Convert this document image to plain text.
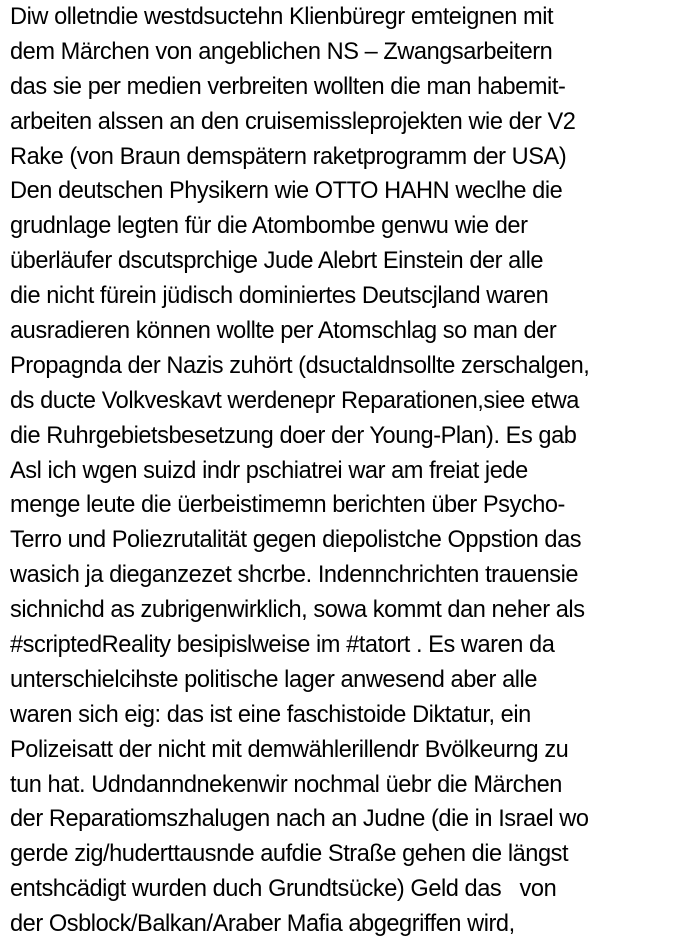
Diw olletndie westdsuctehn Klienbüregr emteignen mit
dem Märchen von angeblichen NS – Zwangsarbeitern
das sie per medien verbreiten wollten die man habemit-
arbeiten alssen an den cruisemissleprojekten wie der V2
Rake (von Braun demspätern raketprogramm der USA)
Den deutschen Physikern wie OTTO HAHN weclhe die
grudnlage legten für die Atombombe genwu wie der
überläufer dscutsprchige Jude Alebrt Einstein der alle
die nicht fürein jüdisch dominiertes Deutscjland waren
ausradieren können wollte per Atomschlag so man der
Propagnda der Nazis zuhört (dsuctaldnsollte zerschalgen,
ds ducte Volkveskavt werdenepr Reparationen,siee etwa
die Ruhrgebietsbesetzung doer der Young-Plan). Es gab
Asl ich wgen suizd indr pschiatrei war am freiat jede
menge leute die üerbeistimemn berichten über Psycho-
Terro und Poliezrutalität gegen diepolistche Oppstion das
wasich ja dieganzezet shcrbe. Indennchrichten trauensie
sichnichd as zubrigenwirklich, sowa kommt dan neher als
#scriptedReality besipislweise im #tatort . Es waren da
unterschielcihste politische lager anwesend aber alle
waren sich eig: das ist eine faschistoide Diktatur, ein
Polizeisatt der nicht mit demwählerillendr Bvölkeurng zu
tun hat. Udndanndnekenwir nochmal üebr die Märchen
der Reparatiomszhalugen nach an Judne (die in Israel wo
gerde zig/huderttausnde aufdie Straße gehen die längst
entshcädigt wurden duch Grundtsücke) Geld das   von
der Osblock/Balkan/Araber Mafia abgegriffen wird,
